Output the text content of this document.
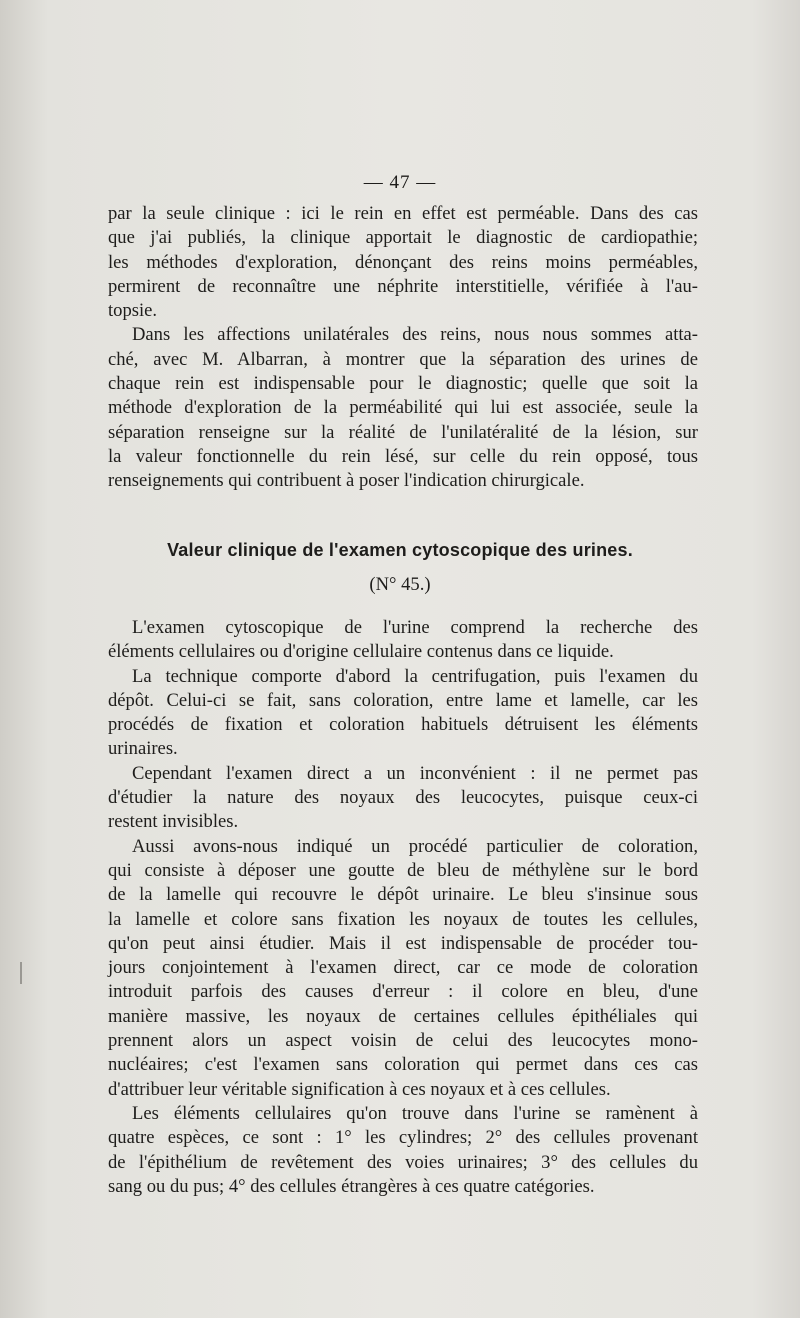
— 47 —

par la seule clinique : ici le rein en effet est perméable. Dans des cas

que j'ai publiés, la clinique apportait le diagnostic de cardiopathie;

les méthodes d'exploration, dénonçant des reins moins perméables,

permirent de reconnaître une néphrite interstitielle, vérifiée à l'au-

topsie.

Dans les affections unilatérales des reins, nous nous sommes atta-

ché, avec M. Albarran, à montrer que la séparation des urines de

chaque rein est indispensable pour le diagnostic; quelle que soit la

méthode d'exploration de la perméabilité qui lui est associée, seule la

séparation renseigne sur la réalité de l'unilatéralité de la lésion, sur

la valeur fonctionnelle du rein lésé, sur celle du rein opposé, tous

renseignements qui contribuent à poser l'indication chirurgicale.

Valeur clinique de l'examen cytoscopique des urines.
(N° 45.)

L'examen cytoscopique de l'urine comprend la recherche des

éléments cellulaires ou d'origine cellulaire contenus dans ce liquide.

La technique comporte d'abord la centrifugation, puis l'examen du

dépôt. Celui-ci se fait, sans coloration, entre lame et lamelle, car les

procédés de fixation et coloration habituels détruisent les éléments

urinaires.

Cependant l'examen direct a un inconvénient : il ne permet pas

d'étudier la nature des noyaux des leucocytes, puisque ceux-ci

restent invisibles.

Aussi avons-nous indiqué un procédé particulier de coloration,

qui consiste à déposer une goutte de bleu de méthylène sur le bord

de la lamelle qui recouvre le dépôt urinaire. Le bleu s'insinue sous

la lamelle et colore sans fixation les noyaux de toutes les cellules,

qu'on peut ainsi étudier. Mais il est indispensable de procéder tou-

jours conjointement à l'examen direct, car ce mode de coloration

introduit parfois des causes d'erreur : il colore en bleu, d'une

manière massive, les noyaux de certaines cellules épithéliales qui

prennent alors un aspect voisin de celui des leucocytes mono-

nucléaires; c'est l'examen sans coloration qui permet dans ces cas

d'attribuer leur véritable signification à ces noyaux et à ces cellules.

Les éléments cellulaires qu'on trouve dans l'urine se ramènent à

quatre espèces, ce sont : 1° les cylindres; 2° des cellules provenant

de l'épithélium de revêtement des voies urinaires; 3° des cellules du

sang ou du pus; 4° des cellules étrangères à ces quatre catégories.
